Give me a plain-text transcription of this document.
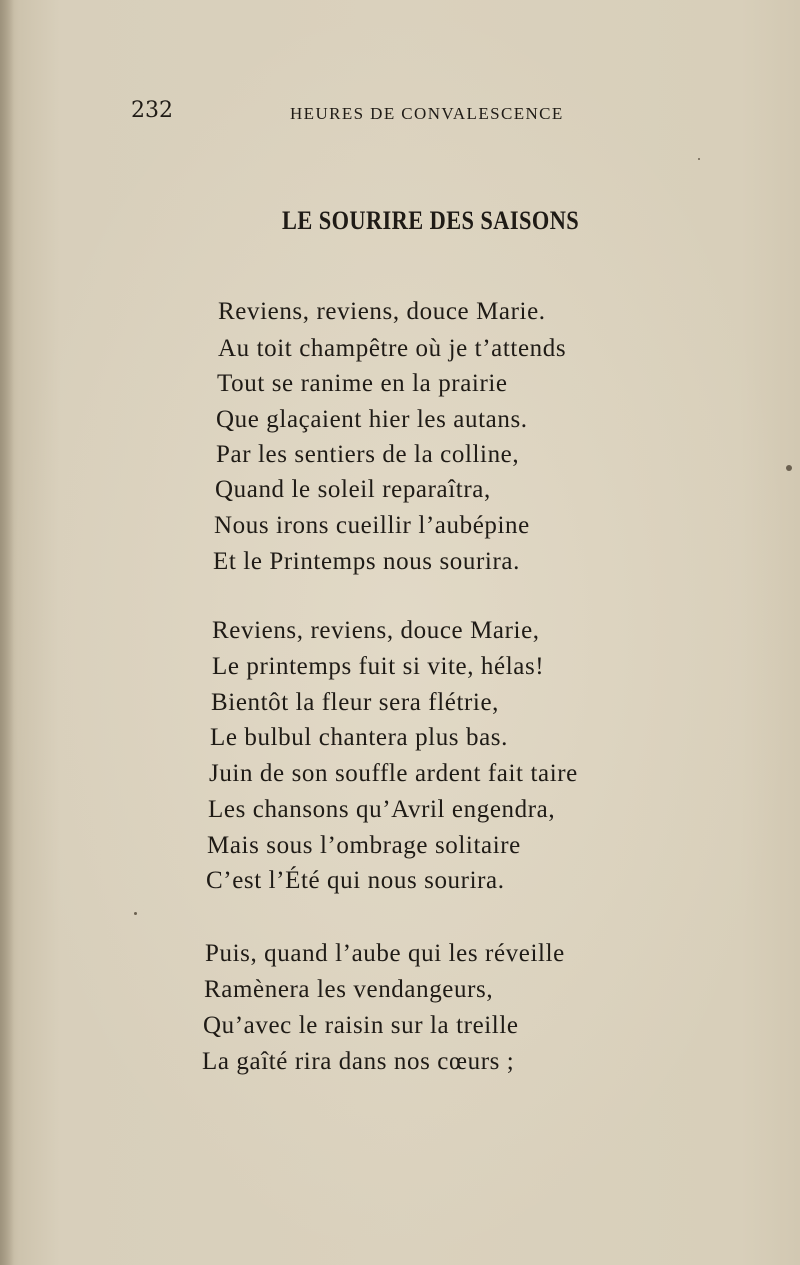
232	HEURES DE CONVALESCENCE
LE SOURIRE DES SAISONS
Reviens, reviens, douce Marie.
Au toit champêtre où je t’attends
Tout se ranime en la prairie
Que glaçaient hier les autans.
Par les sentiers de la colline,
Quand le soleil reparaîtra,
Nous irons cueillir l’aubépine
Et le Printemps nous sourira.
Reviens, reviens, douce Marie,
Le printemps fuit si vite, hélas!
Bientôt la fleur sera flétrie,
Le bulbul chantera plus bas.
Juin de son souffle ardent fait taire
Les chansons qu’Avril engendra,
Mais sous l’ombrage solitaire
C’est l’Été qui nous sourira.
Puis, quand l’aube qui les réveille
Ramènera les vendangeurs,
Qu’avec le raisin sur la treille
La gaîté rira dans nos cœurs ;
